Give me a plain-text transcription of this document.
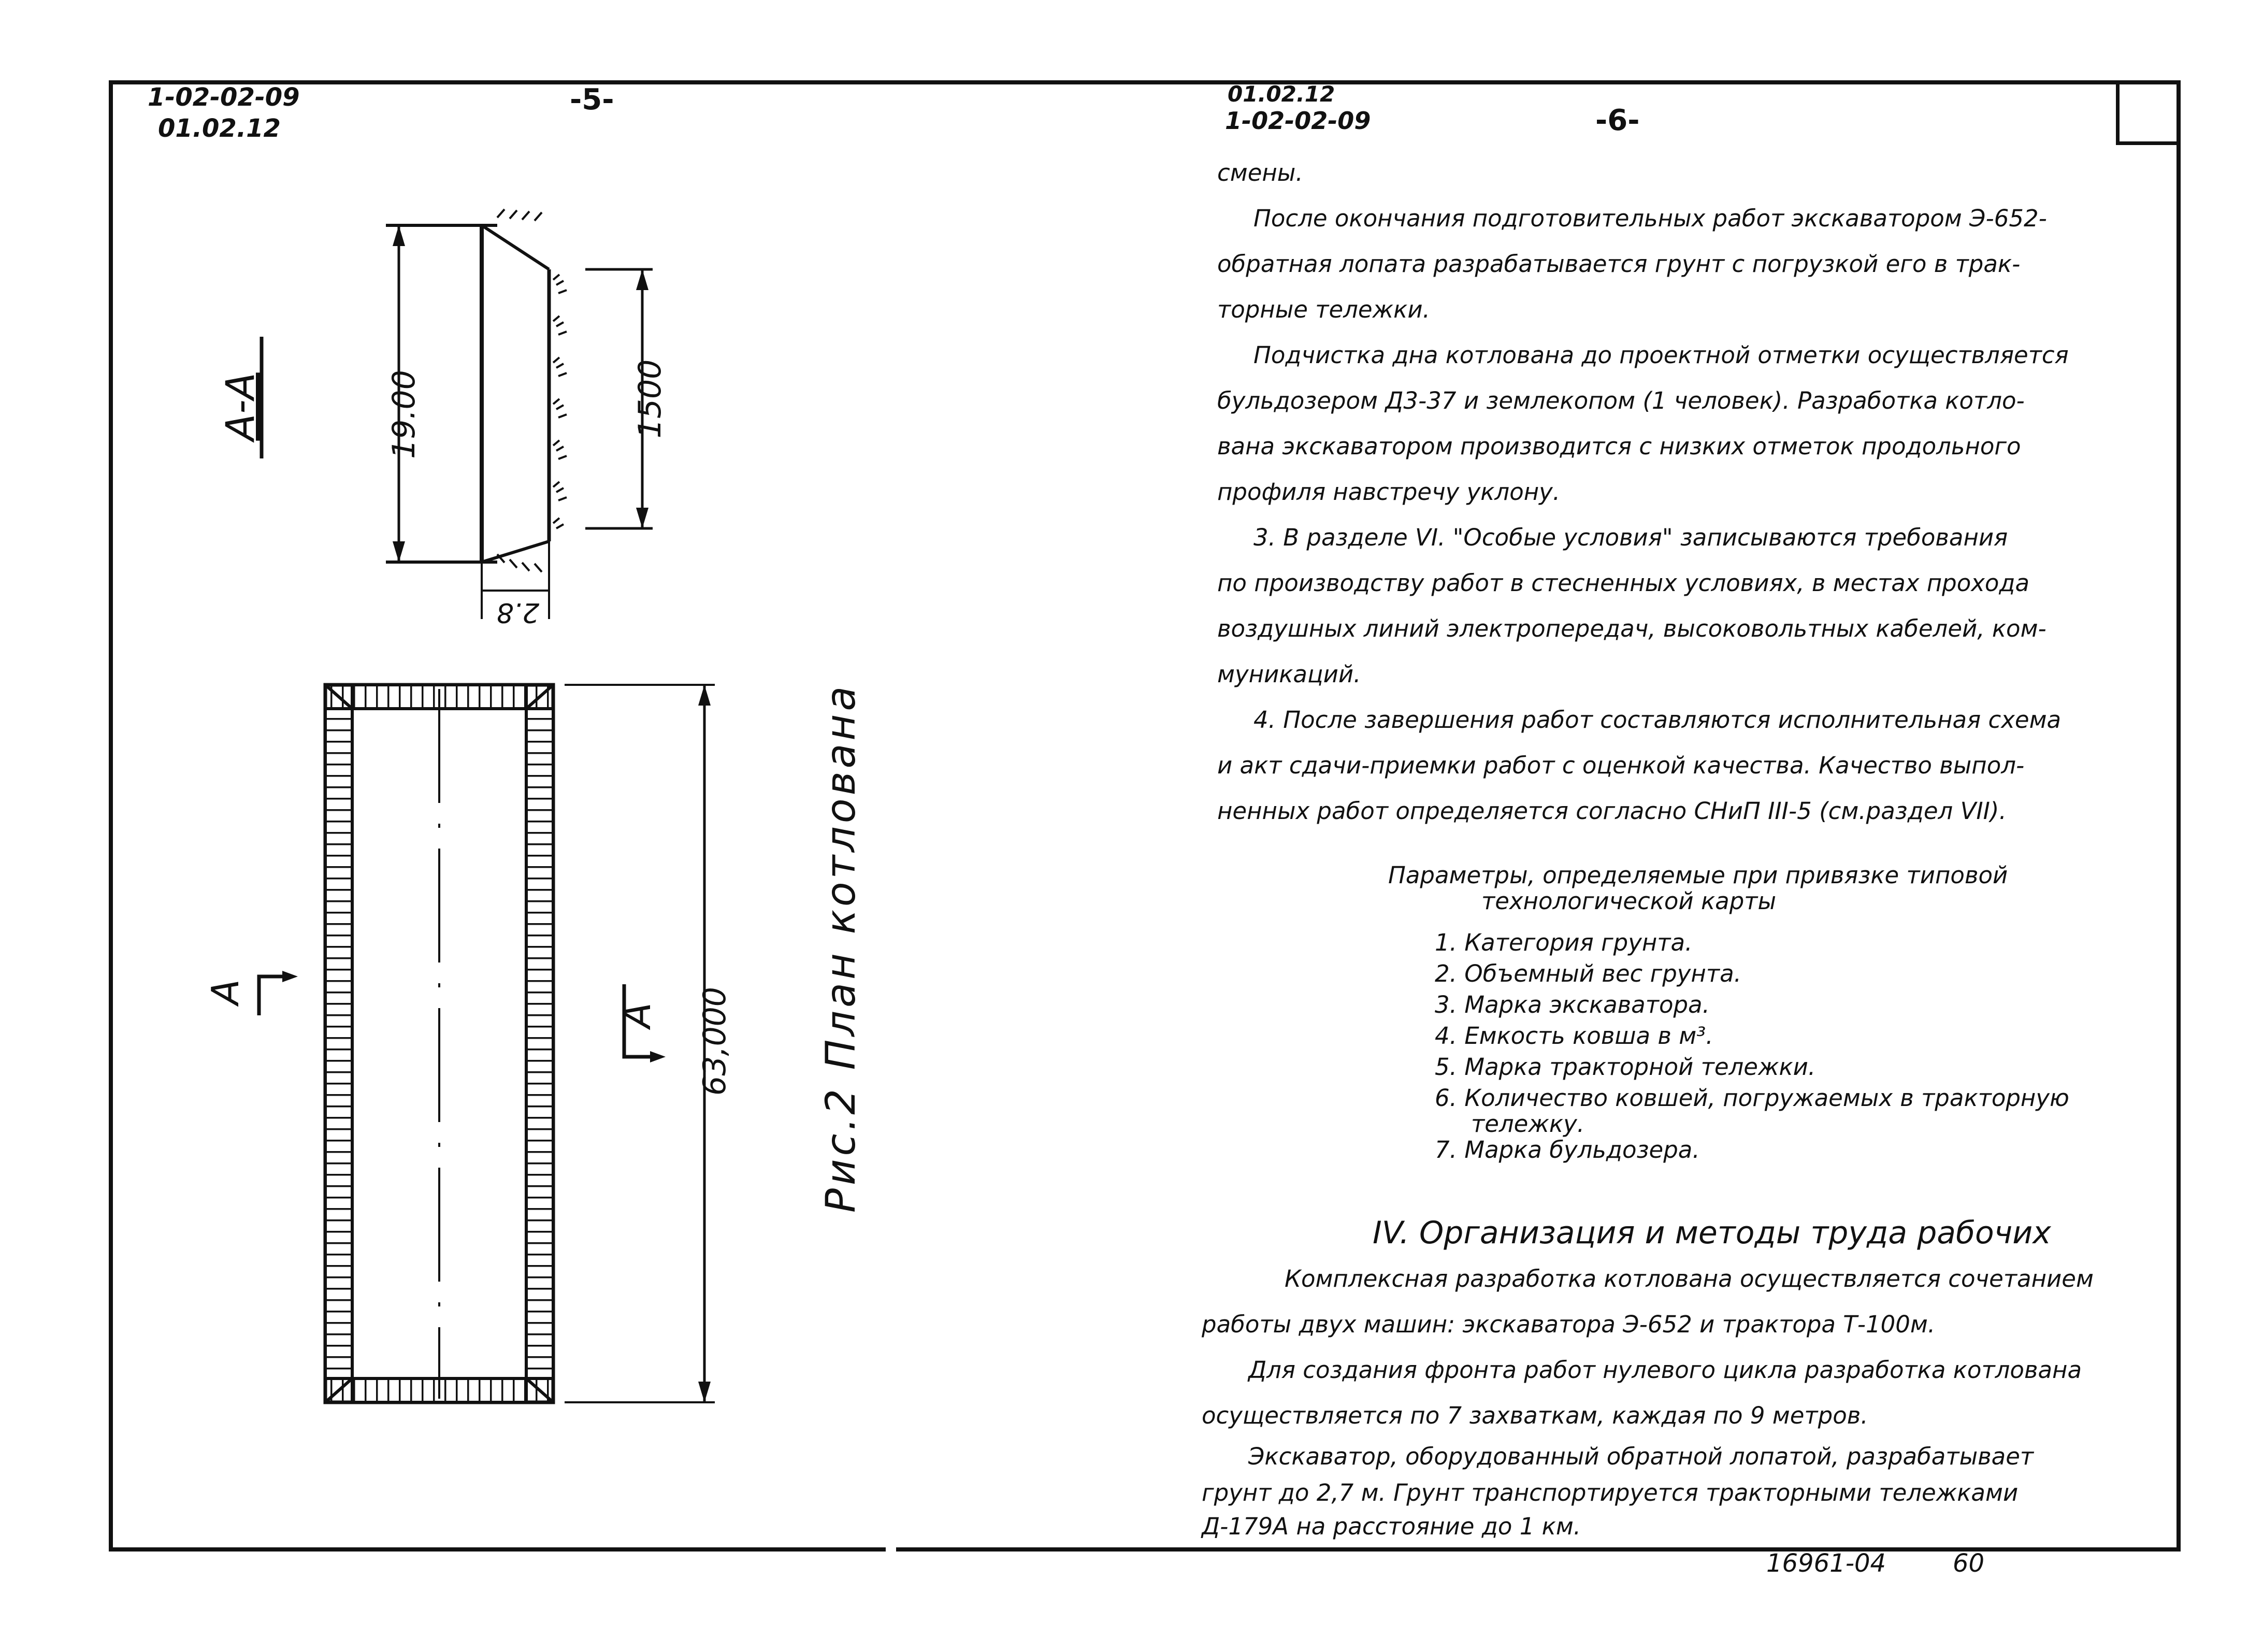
1-02-02-09
01.02.12
-5-
19.00	1500
2.8
A-A
A
A 63,000 Рис.2 План котлована
01.02.12
1-02-02-09	-6-

смены.

После окончания подготовительных работ экскаватором Э-652-

обратная лопата разрабатывается грунт с погрузкой его в трак-

торные тележки.

Подчистка дна котлована до проектной отметки осуществляется

бульдозером Д3-37 и землекопом (1 человек). Разработка котло-

вана экскаватором производится с низких отметок продольного

профиля навстречу уклону.

3. В разделе VI. "Особые условия" записываются требования

по производству работ в стесненных условиях, в местах прохода

воздушных линий электропередач, высоковольтных кабелей, ком-

муникаций.

4. После завершения работ составляются исполнительная схема

и акт сдачи-приемки работ с оценкой качества. Качество выпол-

ненных работ определяется согласно СНиП III-5 (см.раздел VII).

Параметры, определяемые при привязке типовой
технологической карты
1. Категория грунта.
2. Объемный вес грунта.
3. Марка экскаватора.
4. Емкость ковша в м³.
5. Марка тракторной тележки.
6. Количество ковшей, погружаемых в тракторную
тележку.
7. Марка бульдозера.
IV. Организация и методы труда рабочих

Комплексная разработка котлована осуществляется сочетанием

работы двух машин: экскаватора Э-652 и трактора Т-100м.

Для создания фронта работ нулевого цикла разработка котлована

осуществляется по 7 захваткам, каждая по 9 метров.

Экскаватор, оборудованный обратной лопатой, разрабатывает

грунт до 2,7 м. Грунт транспортируется тракторными тележками

Д-179А на расстояние до 1 км.

16961-04	60
